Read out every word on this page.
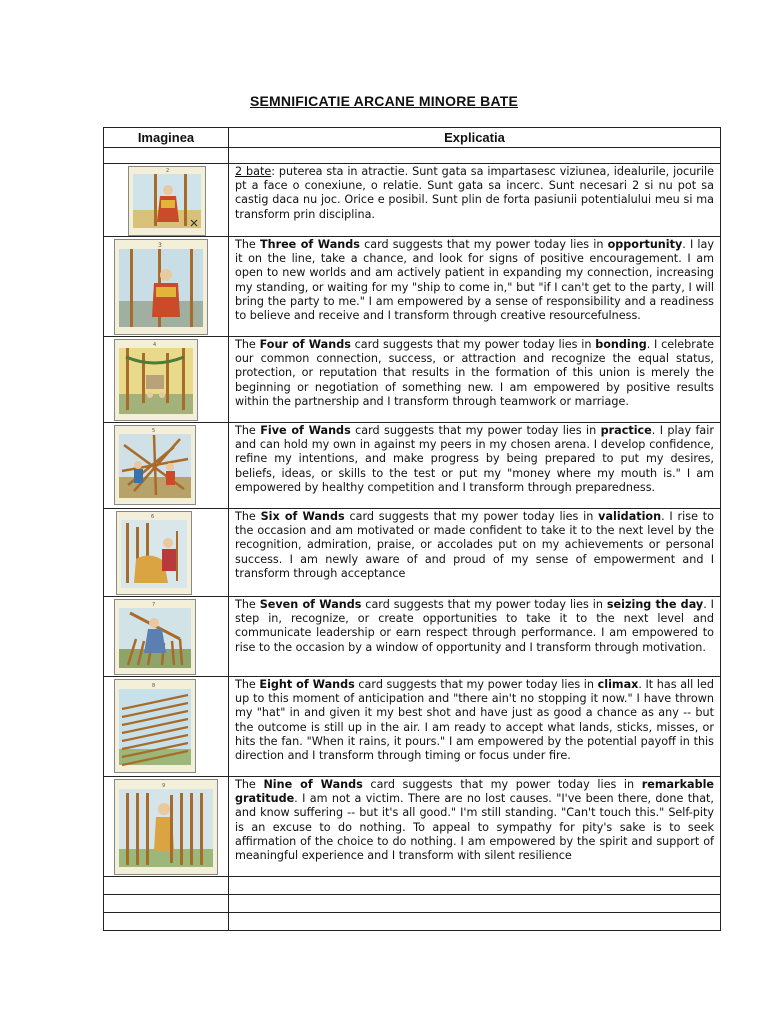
SEMNIFICATIE ARCANE MINORE BATE
Imaginea	Explicatia

2	2 bate: puterea sta in atractie. Sunt gata sa impartasesc viziunea, idealurile, jocurile pt a face o conexiune, o relatie. Sunt gata sa incerc. Sunt necesari 2 si nu pot sa castig daca nu joc. Orice e posibil. Sunt plin de forta pasiunii potentialului meu si ma transform prin disciplina.

3	The Three of Wands card suggests that my power today lies in opportunity. I lay it on the line, take a chance, and look for signs of positive encouragement. I am open to new worlds and am actively patient in expanding my connection, increasing my standing, or waiting for my "ship to come in," but "if I can't get to the party, I will bring the party to me." I am empowered by a sense of responsibility and a readiness to believe and receive and I transform through creative resourcefulness.

4	The Four of Wands card suggests that my power today lies in bonding. I celebrate our common connection, success, or attraction and recognize the equal status, protection, or reputation that results in the formation of this union is merely the beginning or negotiation of something new. I am empowered by positive results within the partnership and I transform through teamwork or marriage.

5	The Five of Wands card suggests that my power today lies in practice. I play fair and can hold my own in against my peers in my chosen arena. I develop confidence, refine my intentions, and make progress by being prepared to put my desires, beliefs, ideas, or skills to the test or put my "money where my mouth is." I am empowered by healthy competition and I transform through preparedness.

6	The Six of Wands card suggests that my power today lies in validation. I rise to the occasion and am motivated or made confident to take it to the next level by the recognition, admiration, praise, or accolades put on my achievements or personal success. I am newly aware of and proud of my sense of empowerment and I transform through acceptance

7	The Seven of Wands card suggests that my power today lies in seizing the day. I step in, recognize, or create opportunities to take it to the next level and communicate leadership or earn respect through performance. I am empowered to rise to the occasion by a window of opportunity and I transform through motivation.

8	The Eight of Wands card suggests that my power today lies in climax. It has all led up to this moment of anticipation and "there ain't no stopping it now." I have thrown my "hat" in and given it my best shot and have just as good a chance as any -- but the outcome is still up in the air. I am ready to accept what lands, sticks, misses, or hits the fan. "When it rains, it pours." I am empowered by the potential payoff in this direction and I transform through timing or focus under fire.

9	The Nine of Wands card suggests that my power today lies in remarkable gratitude. I am not a victim. There are no lost causes. "I've been there, done that, and know suffering -- but it's all good." I'm still standing. "Can't touch this." Self-pity is an excuse to do nothing. To appeal to sympathy for pity's sake is to seek affirmation of the choice to do nothing. I am empowered by the spirit and support of meaningful experience and I transform with silent resilience
